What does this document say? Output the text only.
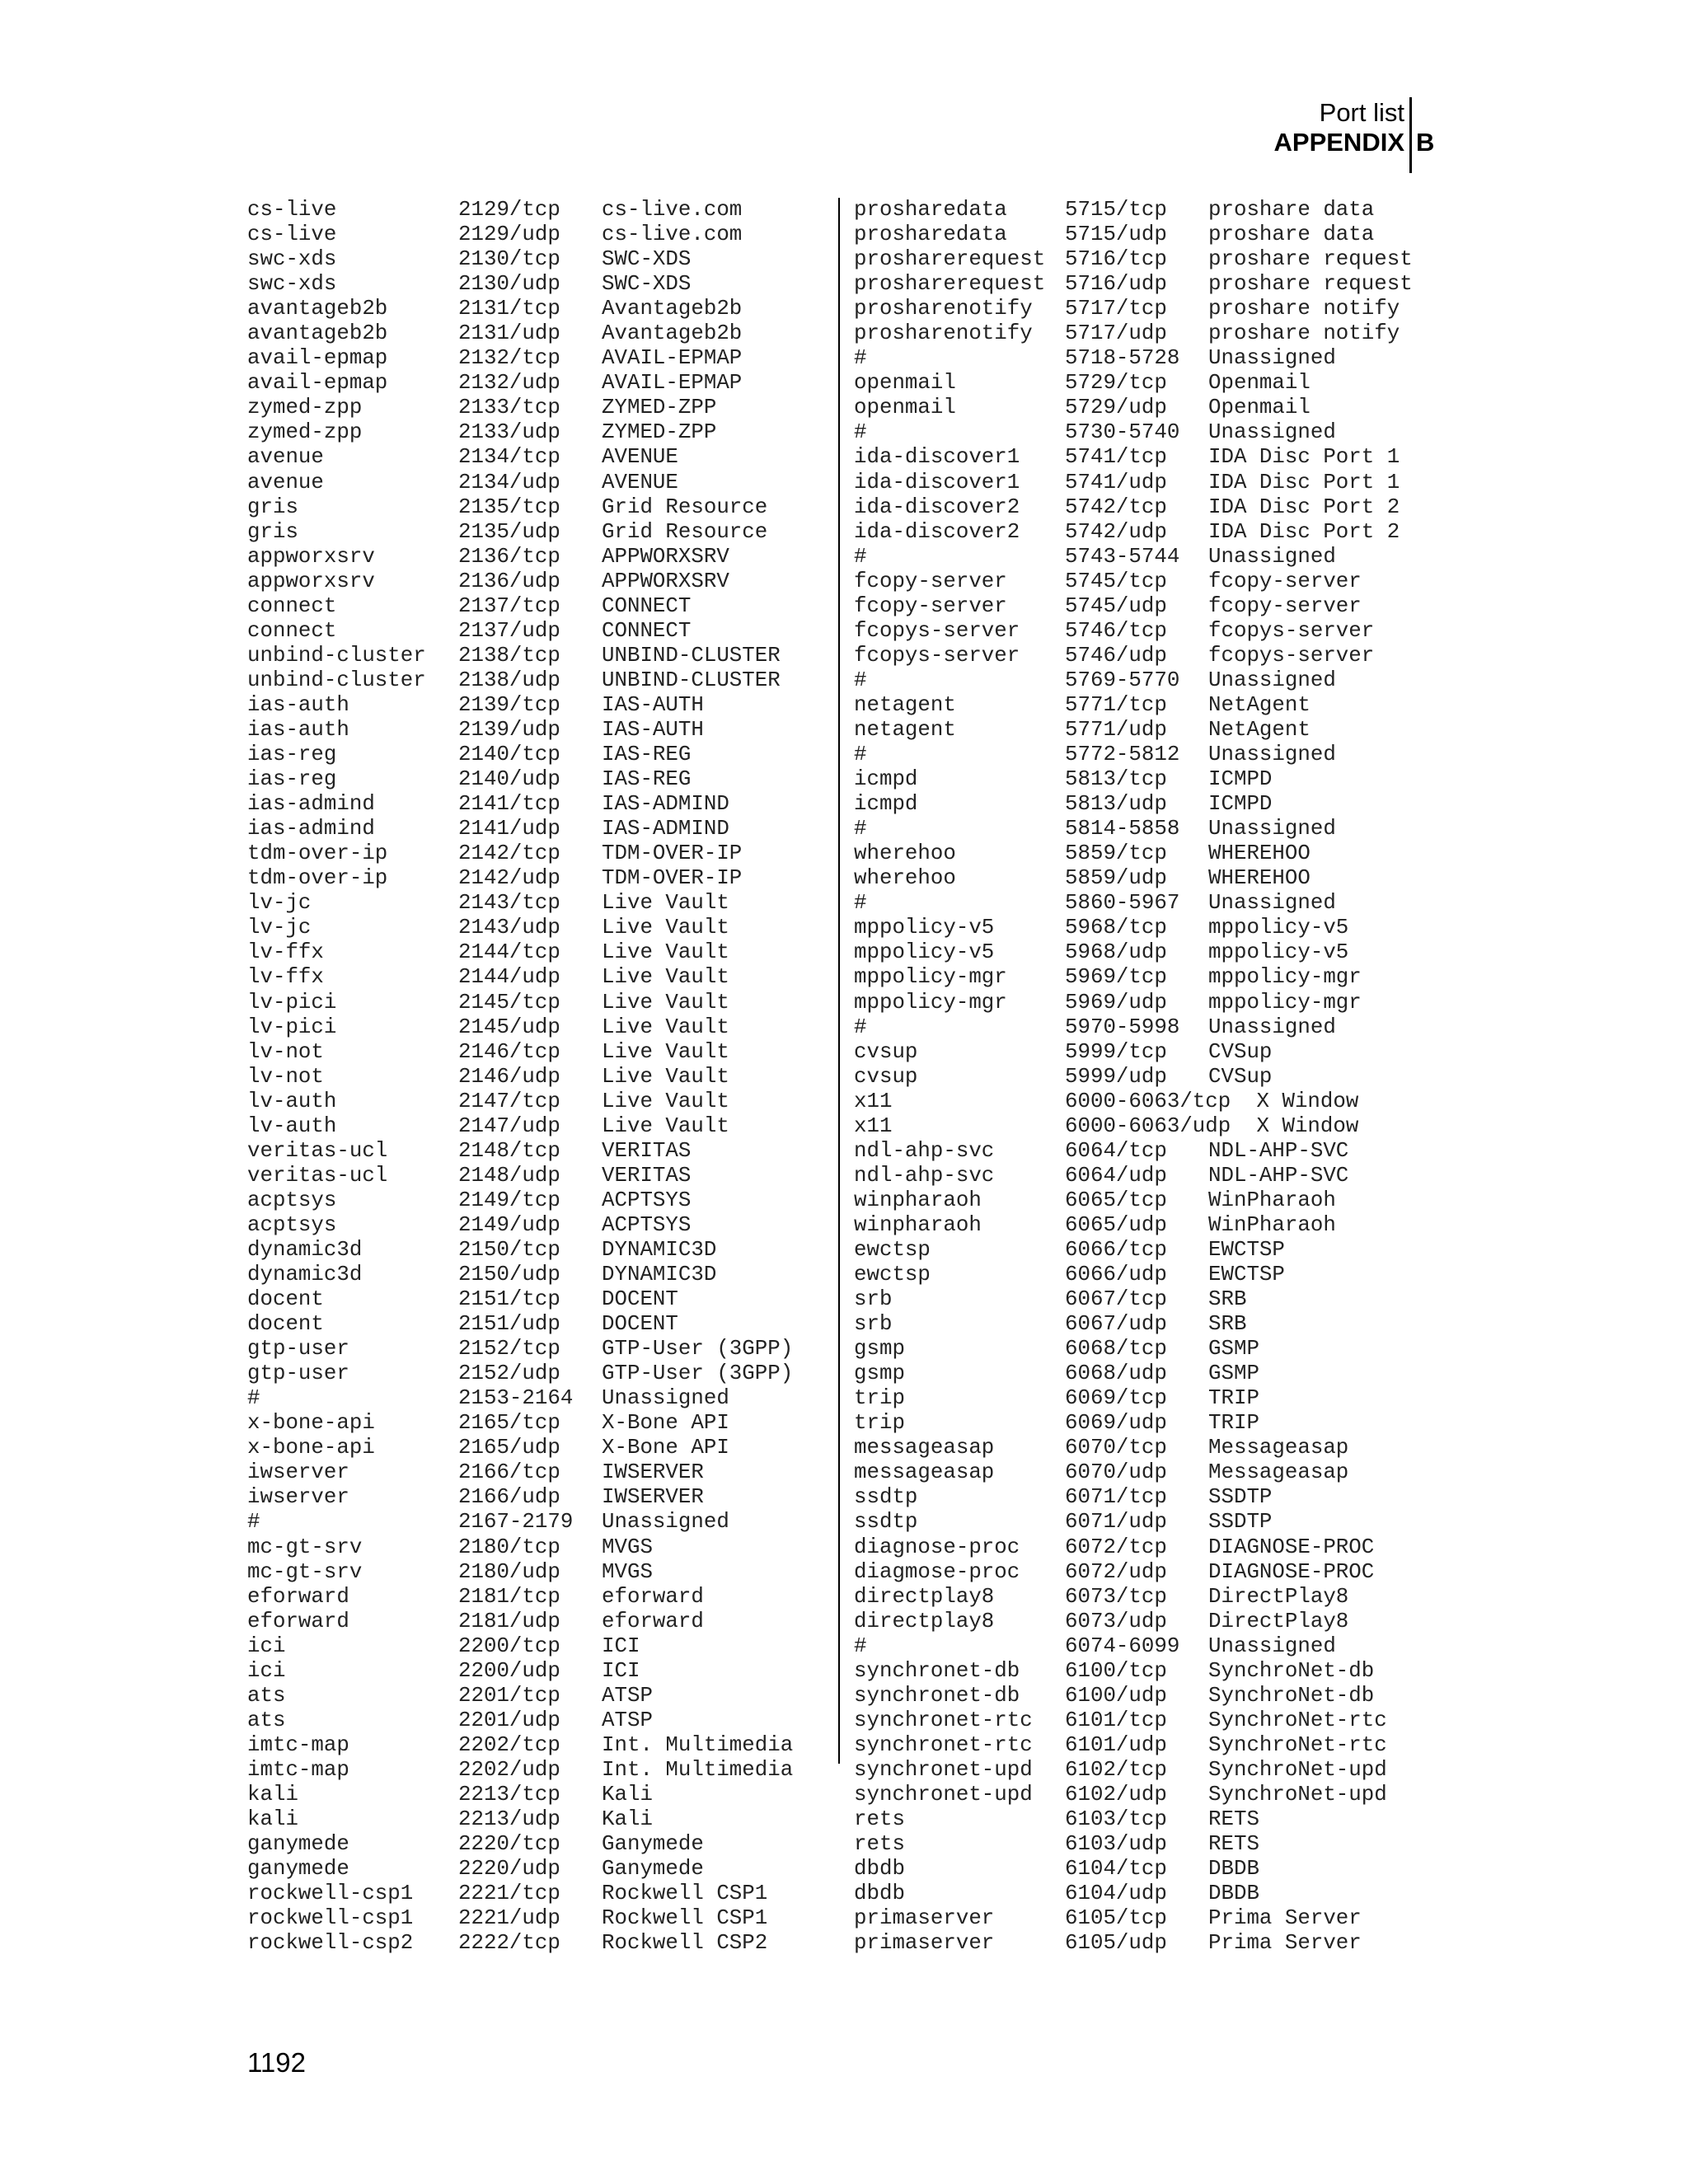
Port list
APPENDIX B
cs-live	2129/tcp	cs-live.com
cs-live	2129/udp	cs-live.com
swc-xds	2130/tcp	SWC-XDS
swc-xds	2130/udp	SWC-XDS
avantageb2b	2131/tcp	Avantageb2b
avantageb2b	2131/udp	Avantageb2b
avail-epmap	2132/tcp	AVAIL-EPMAP
avail-epmap	2132/udp	AVAIL-EPMAP
zymed-zpp	2133/tcp	ZYMED-ZPP
zymed-zpp	2133/udp	ZYMED-ZPP
avenue	2134/tcp	AVENUE
avenue	2134/udp	AVENUE
gris	2135/tcp	Grid Resource
gris	2135/udp	Grid Resource
appworxsrv	2136/tcp	APPWORXSRV
appworxsrv	2136/udp	APPWORXSRV
connect	2137/tcp	CONNECT
connect	2137/udp	CONNECT
unbind-cluster	2138/tcp	UNBIND-CLUSTER
unbind-cluster	2138/udp	UNBIND-CLUSTER
ias-auth	2139/tcp	IAS-AUTH
ias-auth	2139/udp	IAS-AUTH
ias-reg	2140/tcp	IAS-REG
ias-reg	2140/udp	IAS-REG
ias-admind	2141/tcp	IAS-ADMIND
ias-admind	2141/udp	IAS-ADMIND
tdm-over-ip	2142/tcp	TDM-OVER-IP
tdm-over-ip	2142/udp	TDM-OVER-IP
lv-jc	2143/tcp	Live Vault
lv-jc	2143/udp	Live Vault
lv-ffx	2144/tcp	Live Vault
lv-ffx	2144/udp	Live Vault
lv-pici	2145/tcp	Live Vault
lv-pici	2145/udp	Live Vault
lv-not	2146/tcp	Live Vault
lv-not	2146/udp	Live Vault
lv-auth	2147/tcp	Live Vault
lv-auth	2147/udp	Live Vault
veritas-ucl	2148/tcp	VERITAS
veritas-ucl	2148/udp	VERITAS
acptsys	2149/tcp	ACPTSYS
acptsys	2149/udp	ACPTSYS
dynamic3d	2150/tcp	DYNAMIC3D
dynamic3d	2150/udp	DYNAMIC3D
docent	2151/tcp	DOCENT
docent	2151/udp	DOCENT
gtp-user	2152/tcp	GTP-User (3GPP)
gtp-user	2152/udp	GTP-User (3GPP)
#	2153-2164	Unassigned
x-bone-api	2165/tcp	X-Bone API
x-bone-api	2165/udp	X-Bone API
iwserver	2166/tcp	IWSERVER
iwserver	2166/udp	IWSERVER
#	2167-2179	Unassigned
mc-gt-srv	2180/tcp	MVGS
mc-gt-srv	2180/udp	MVGS
eforward	2181/tcp	eforward
eforward	2181/udp	eforward
ici	2200/tcp	ICI
ici	2200/udp	ICI
ats	2201/tcp	ATSP
ats	2201/udp	ATSP
imtc-map	2202/tcp	Int. Multimedia
imtc-map	2202/udp	Int. Multimedia
kali	2213/tcp	Kali
kali	2213/udp	Kali
ganymede	2220/tcp	Ganymede
ganymede	2220/udp	Ganymede
rockwell-csp1	2221/tcp	Rockwell CSP1
rockwell-csp1	2221/udp	Rockwell CSP1
rockwell-csp2	2222/tcp	Rockwell CSP2
prosharedata	5715/tcp	proshare data
prosharedata	5715/udp	proshare data
prosharerequest 5716/tcp	proshare request
prosharerequest 5716/udp	proshare request
prosharenotify	5717/tcp	proshare notify
prosharenotify	5717/udp	proshare notify
#	5718-5728	Unassigned
openmail	5729/tcp	Openmail
openmail	5729/udp	Openmail
#	5730-5740	Unassigned
ida-discover1	5741/tcp	IDA Disc Port 1
ida-discover1	5741/udp	IDA Disc Port 1
ida-discover2	5742/tcp	IDA Disc Port 2
ida-discover2	5742/udp	IDA Disc Port 2
#	5743-5744	Unassigned
fcopy-server	5745/tcp	fcopy-server
fcopy-server	5745/udp	fcopy-server
fcopys-server	5746/tcp	fcopys-server
fcopys-server	5746/udp	fcopys-server
#	5769-5770	Unassigned
netagent	5771/tcp	NetAgent
netagent	5771/udp	NetAgent
#	5772-5812	Unassigned
icmpd	5813/tcp	ICMPD
icmpd	5813/udp	ICMPD
#	5814-5858	Unassigned
wherehoo	5859/tcp	WHEREHOO
wherehoo	5859/udp	WHEREHOO
#	5860-5967	Unassigned
mppolicy-v5	5968/tcp	mppolicy-v5
mppolicy-v5	5968/udp	mppolicy-v5
mppolicy-mgr	5969/tcp	mppolicy-mgr
mppolicy-mgr	5969/udp	mppolicy-mgr
#	5970-5998	Unassigned
cvsup	5999/tcp	CVSup
cvsup	5999/udp	CVSup
x11	6000-6063/tcp	X Window
x11	6000-6063/udp	X Window
ndl-ahp-svc	6064/tcp	NDL-AHP-SVC
ndl-ahp-svc	6064/udp	NDL-AHP-SVC
winpharaoh	6065/tcp	WinPharaoh
winpharaoh	6065/udp	WinPharaoh
ewctsp	6066/tcp	EWCTSP
ewctsp	6066/udp	EWCTSP
srb	6067/tcp	SRB
srb	6067/udp	SRB
gsmp	6068/tcp	GSMP
gsmp	6068/udp	GSMP
trip	6069/tcp	TRIP
trip	6069/udp	TRIP
messageasap	6070/tcp	Messageasap
messageasap	6070/udp	Messageasap
ssdtp	6071/tcp	SSDTP
ssdtp	6071/udp	SSDTP
diagnose-proc	6072/tcp	DIAGNOSE-PROC
diagmose-proc	6072/udp	DIAGNOSE-PROC
directplay8	6073/tcp	DirectPlay8
directplay8	6073/udp	DirectPlay8
#	6074-6099	Unassigned
synchronet-db	6100/tcp	SynchroNet-db
synchronet-db	6100/udp	SynchroNet-db
synchronet-rtc	6101/tcp	SynchroNet-rtc
synchronet-rtc	6101/udp	SynchroNet-rtc
synchronet-upd	6102/tcp	SynchroNet-upd
synchronet-upd	6102/udp	SynchroNet-upd
rets	6103/tcp	RETS
rets	6103/udp	RETS
dbdb	6104/tcp	DBDB
dbdb	6104/udp	DBDB
primaserver	6105/tcp	Prima Server
primaserver	6105/udp	Prima Server
1192
